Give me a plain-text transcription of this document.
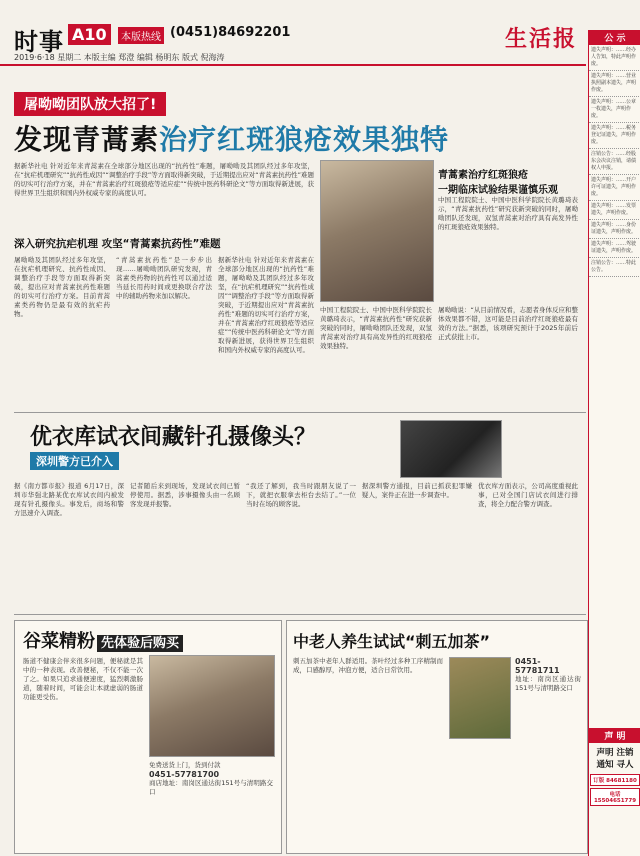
时事 A10	本版热线 (0451)84692201
2019·6·18 星期二 本版主编 郑澄 编辑 杨明东 版式 倪海涛
生活报
屠呦呦团队放大招了!
发现青蒿素治疗红斑狼疮效果独特
据新华社电 针对近年来青蒿素在全球部分地区出现的“抗药性”难题，屠呦呦及其团队经过多年攻坚，在“抗疟机理研究”“抗药性成因”“调整治疗手段”等方面取得新突破，于近期提出应对“青蒿素抗药性”难题的切实可行治疗方案，并在“青蒿素治疗红斑狼疮等适应症”“传统中医药科研论文”等方面取得新进展，获得世界卫生组织和国内外权威专家的高度认可。
青蒿素治疗红斑狼疮
一期临床试验结果谨慎乐观
中国工程院院士、中国中医科学院院长黄璐琦表示，“青蒿素抗药性”研究获新突破的同时，屠呦呦团队还发现，双氢青蒿素对治疗具有高发异性的红斑狼疮效果独特。
深入研究抗疟机理 攻坚“青蒿素抗药性”难题
屠呦呦及其团队经过多年攻坚，在抗疟机理研究、抗药性成因、调整治疗手段等方面取得新突破，提出应对青蒿素抗药性难题的切实可行治疗方案。目前青蒿素类药物仍是最有效的抗疟药物。
“青蒿素抗药性”是一步步出现……屠呦呦团队研究发现，青蒿素类药物的抗药性可以通过适当延长用药时间或更换联合疗法中的辅助药物来加以解决。
据新华社电 针对近年来青蒿素在全球部分地区出现的“抗药性”难题，屠呦呦及其团队经过多年攻坚，在“抗疟机理研究”“抗药性成因”“调整治疗手段”等方面取得新突破，于近期提出应对“青蒿素抗药性”难题的切实可行治疗方案，并在“青蒿素治疗红斑狼疮等适应症”“传统中医药科研论文”等方面取得新进展，获得世界卫生组织和国内外权威专家的高度认可。
中国工程院院士、中国中医科学院院长黄璐琦表示，“青蒿素抗药性”研究获新突破的同时，屠呦呦团队还发现，双氢青蒿素对治疗具有高发异性的红斑狼疮效果独特。
屠呦呦说：“从目前情况看，志愿者身体反应和整体效果都不错，这可能是目前治疗红斑狼疮最有效的方法。”据悉，该项研究预计于2025年前后正式获批上市。
优衣库试衣间藏针孔摄像头？
深圳警方已介入
据《南方都市报》报道 6月17日，深圳市华强北路某优衣库试衣间内被发现有针孔摄像头。事发后，商场和警方迅速介入调查。
记者随后来到现场，发现试衣间已暂停使用。据悉，涉事摄像头由一名顾客发现并报警。
“我还了解到，我当时跟朋友说了一下，就把衣服拿去柜台去结了。”一位当时在场的顾客说。
据深圳警方通报，目前已抓获犯罪嫌疑人，案件正在进一步调查中。
优衣库方面表示，公司高度重视此事，已对全国门店试衣间进行排查，将全力配合警方调查。
谷菜精粉 先体验后购买
肠道不健康会伴来很多问题，便秘就是其中的一种表现。改善便秘，不仅不能一次了之。如果只追求通便速度，猛烈刺激肠道，随着时间，可能会让本就虚弱的肠道功能更受伤。
免费送货上门，货到付款
0451-57781700
商店地址：南岗区通达街151号与清明路交口
中老人养生试试“刺五加茶”
刺五加茶中老年人群适用。茶叶经过多种工序精制而成，口感醇厚，冲泡方便，适合日常饮用。
0451-57781711
地址：南岗区通达街151号与清明路交口
公 示
遗失声明：……经办人告知，特此声明作废。
遗失声明：……营业执照副本遗失，声明作废。
遗失声明：……公章一枚遗失，声明作废。
遗失声明：……税务登记证遗失，声明作废。
注销公告：……经股东会决议注销，请债权人申报。
遗失声明：……开户许可证遗失，声明作废。
遗失声明：……发票遗失，声明作废。
遗失声明：……身份证遗失，声明作废。
遗失声明：……驾驶证遗失，声明作废。
注销公告：……特此公告。
声 明
声明 注销
通知 寻人
订版 84681180
电话 15504651779
